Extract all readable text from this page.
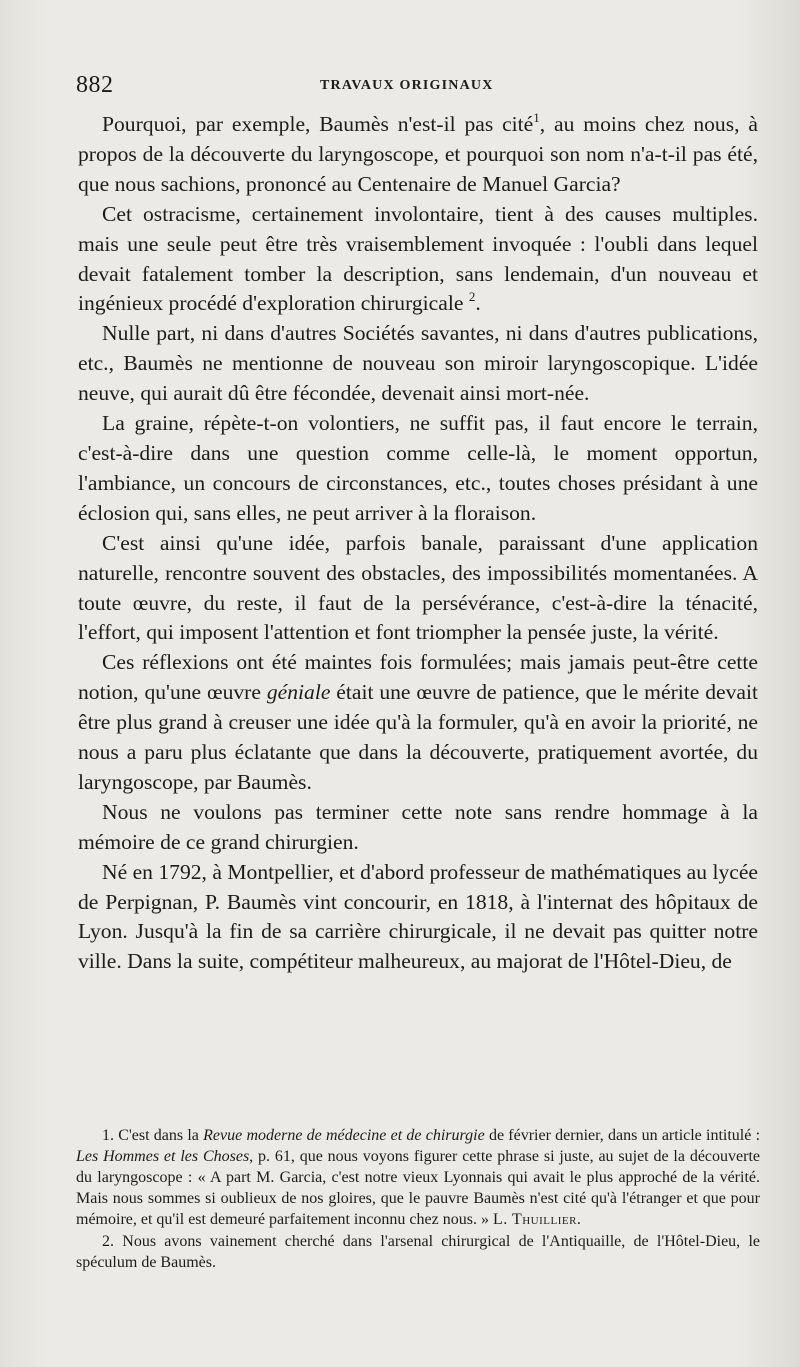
882	TRAVAUX ORIGINAUX

Pourquoi, par exemple, Baumès n'est-il pas cité$^1$, au moins chez nous, à propos de la découverte du laryngoscope, et pourquoi son nom n'a-t-il pas été, que nous sachions, prononcé au Centenaire de Manuel Garcia?

Cet ostracisme, certainement involontaire, tient à des causes multiples. mais une seule peut être très vraisemblement invoquée : l'oubli dans lequel devait fatalement tomber la description, sans lendemain, d'un nouveau et ingénieux procédé d'exploration chirurgicale $^2$.

Nulle part, ni dans d'autres Sociétés savantes, ni dans d'autres publications, etc., Baumès ne mentionne de nouveau son miroir laryngoscopique. L'idée neuve, qui aurait dû être fécondée, devenait ainsi mort-née.

La graine, répète-t-on volontiers, ne suffit pas, il faut encore le terrain, c'est-à-dire dans une question comme celle-là, le moment opportun, l'ambiance, un concours de circonstances, etc., toutes choses présidant à une éclosion qui, sans elles, ne peut arriver à la floraison.

C'est ainsi qu'une idée, parfois banale, paraissant d'une application naturelle, rencontre souvent des obstacles, des impossibilités momentanées. A toute œuvre, du reste, il faut de la persévérance, c'est-à-dire la ténacité, l'effort, qui imposent l'attention et font triompher la pensée juste, la vérité.

Ces réflexions ont été maintes fois formulées; mais jamais peut-être cette notion, qu'une œuvre géniale était une œuvre de patience, que le mérite devait être plus grand à creuser une idée qu'à la formuler, qu'à en avoir la priorité, ne nous a paru plus éclatante que dans la découverte, pratiquement avortée, du laryngoscope, par Baumès.

Nous ne voulons pas terminer cette note sans rendre hommage à la mémoire de ce grand chirurgien.

Né en 1792, à Montpellier, et d'abord professeur de mathématiques au lycée de Perpignan, P. Baumès vint concourir, en 1818, à l'internat des hôpitaux de Lyon. Jusqu'à la fin de sa carrière chirurgicale, il ne devait pas quitter notre ville. Dans la suite, compétiteur malheureux, au majorat de l'Hôtel-Dieu, de

1. C'est dans la Revue moderne de médecine et de chirurgie de février dernier, dans un article intitulé : Les Hommes et les Choses, p. 61, que nous voyons figurer cette phrase si juste, au sujet de la découverte du laryngoscope : « A part M. Garcia, c'est notre vieux Lyonnais qui avait le plus approché de la vérité. Mais nous sommes si oublieux de nos gloires, que le pauvre Baumès n'est cité qu'à l'étranger et que pour mémoire, et qu'il est demeuré parfaitement inconnu chez nous. » L. Thuillier.

2. Nous avons vainement cherché dans l'arsenal chirurgical de l'Antiquaille, de l'Hôtel-Dieu, le spéculum de Baumès.
